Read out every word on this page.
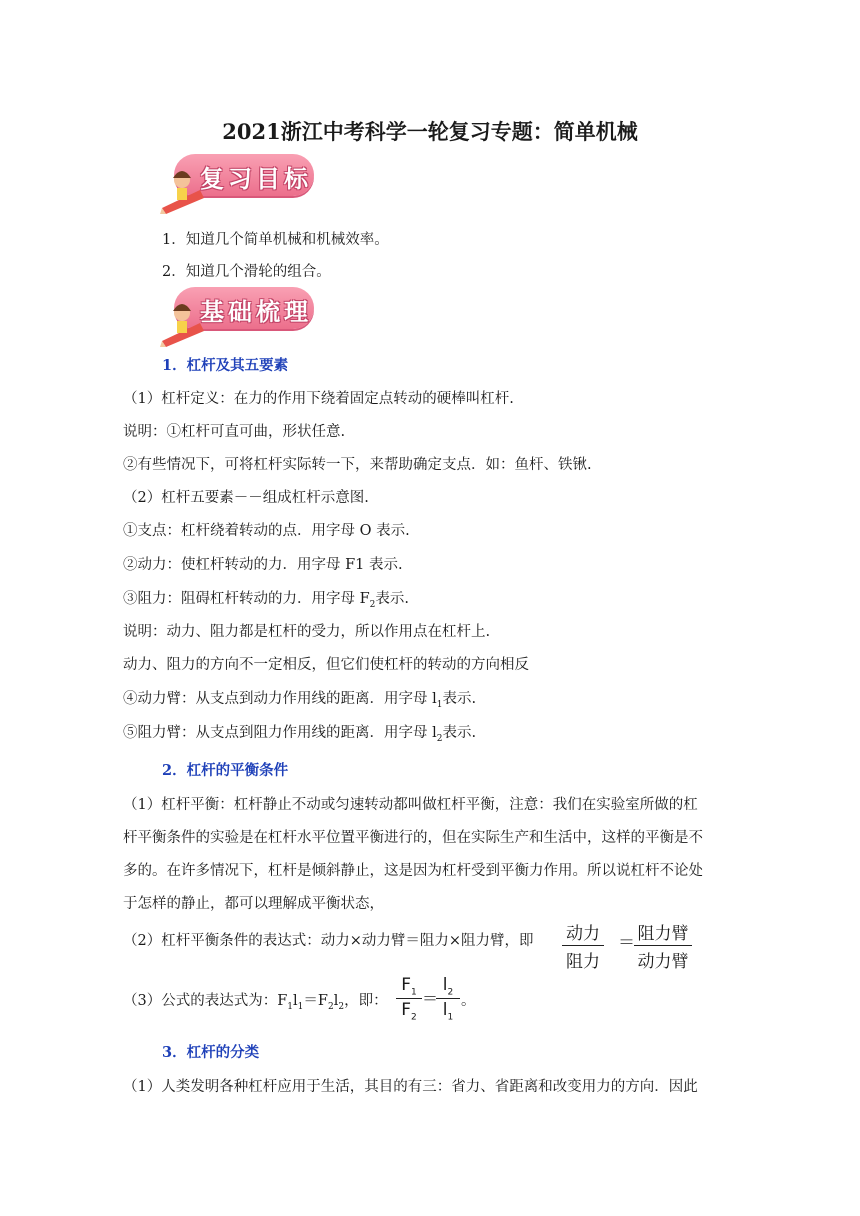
2021浙江中考科学一轮复习专题：简单机械
复习目标
1．知道几个简单机械和机械效率。
2．知道几个滑轮的组合。
基础梳理
1．杠杆及其五要素
（1）杠杆定义：在力的作用下绕着固定点转动的硬棒叫杠杆.
说明：①杠杆可直可曲，形状任意.
②有些情况下，可将杠杆实际转一下，来帮助确定支点．如：鱼杆、铁锹.
（2）杠杆五要素－－组成杠杆示意图.
①支点：杠杆绕着转动的点．用字母 O 表示.
②动力：使杠杆转动的力．用字母 F1 表示.
③阻力：阻碍杠杆转动的力．用字母 $F_2$表示.
说明：动力、阻力都是杠杆的受力，所以作用点在杠杆上.
动力、阻力的方向不一定相反，但它们使杠杆的转动的方向相反
④动力臂：从支点到动力作用线的距离．用字母 $l_1$表示.
⑤阻力臂：从支点到阻力作用线的距离．用字母 $l_2$表示.
2．杠杆的平衡条件
（1）杠杆平衡：杠杆静止不动或匀速转动都叫做杠杆平衡，注意：我们在实验室所做的杠
杆平衡条件的实验是在杠杆水平位置平衡进行的，但在实际生产和生活中，这样的平衡是不
多的。在许多情况下，杠杆是倾斜静止，这是因为杠杆受到平衡力作用。所以说杠杆不论处
于怎样的静止，都可以理解成平衡状态，
（2）杠杆平衡条件的表达式：动力×动力臂＝阻力×阻力臂，即 动力
阻力
＝ 阻力臂
动力臂
（3）公式的表达式为：$F_1l_1=F_2l_2$，即：
$F_1$
$F_2$
＝
$l_2$
$l_1$
。
3．杠杆的分类
（1）人类发明各种杠杆应用于生活，其目的有三：省力、省距离和改变用力的方向．因此
